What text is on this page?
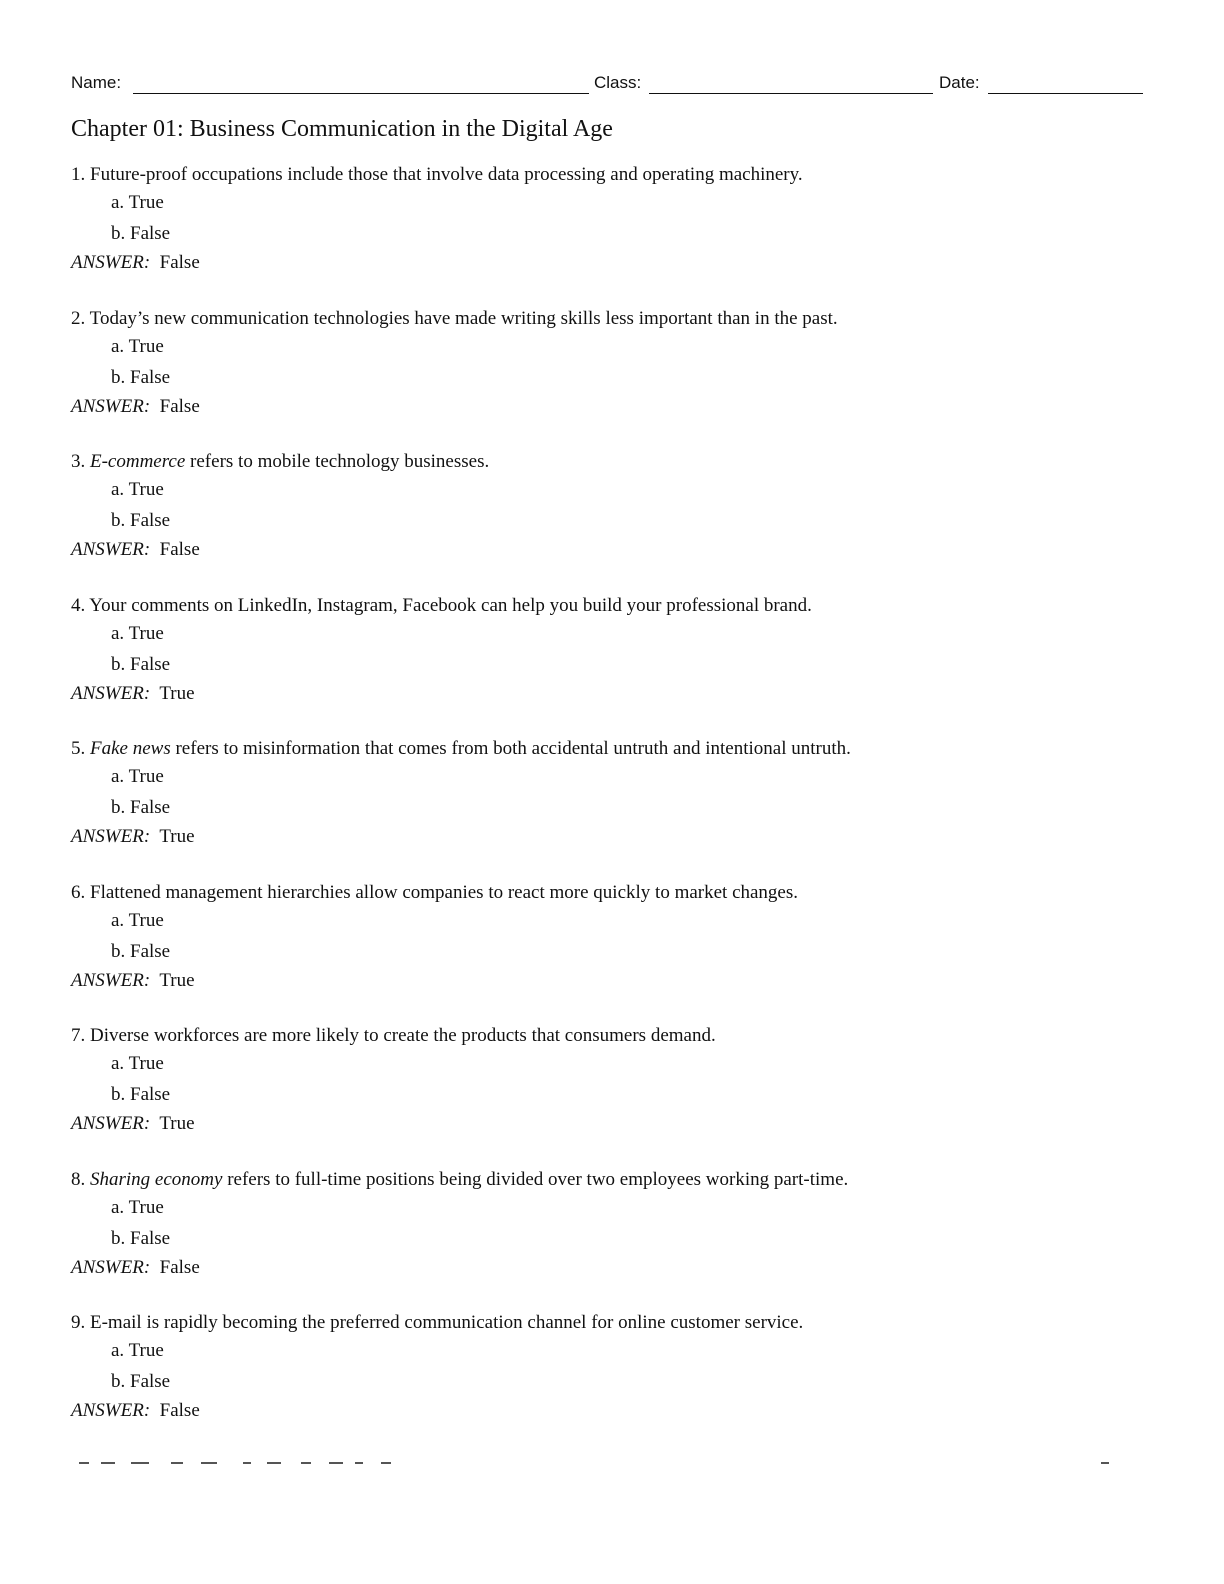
Name:	Class:	Date:
Chapter 01: Business Communication in the Digital Age
1. Future-proof occupations include those that involve data processing and operating machinery.
a. True
b. False
ANSWER: False
2. Today’s new communication technologies have made writing skills less important than in the past.
a. True
b. False
ANSWER: False
3. E-commerce refers to mobile technology businesses.
a. True
b. False
ANSWER: False
4. Your comments on LinkedIn, Instagram, Facebook can help you build your professional brand.
a. True
b. False
ANSWER: True
5. Fake news refers to misinformation that comes from both accidental untruth and intentional untruth.
a. True
b. False
ANSWER: True
6. Flattened management hierarchies allow companies to react more quickly to market changes.
a. True
b. False
ANSWER: True
7. Diverse workforces are more likely to create the products that consumers demand.
a. True
b. False
ANSWER: True
8. Sharing economy refers to full-time positions being divided over two employees working part-time.
a. True
b. False
ANSWER: False
9. E-mail is rapidly becoming the preferred communication channel for online customer service.
a. True
b. False
ANSWER: False
